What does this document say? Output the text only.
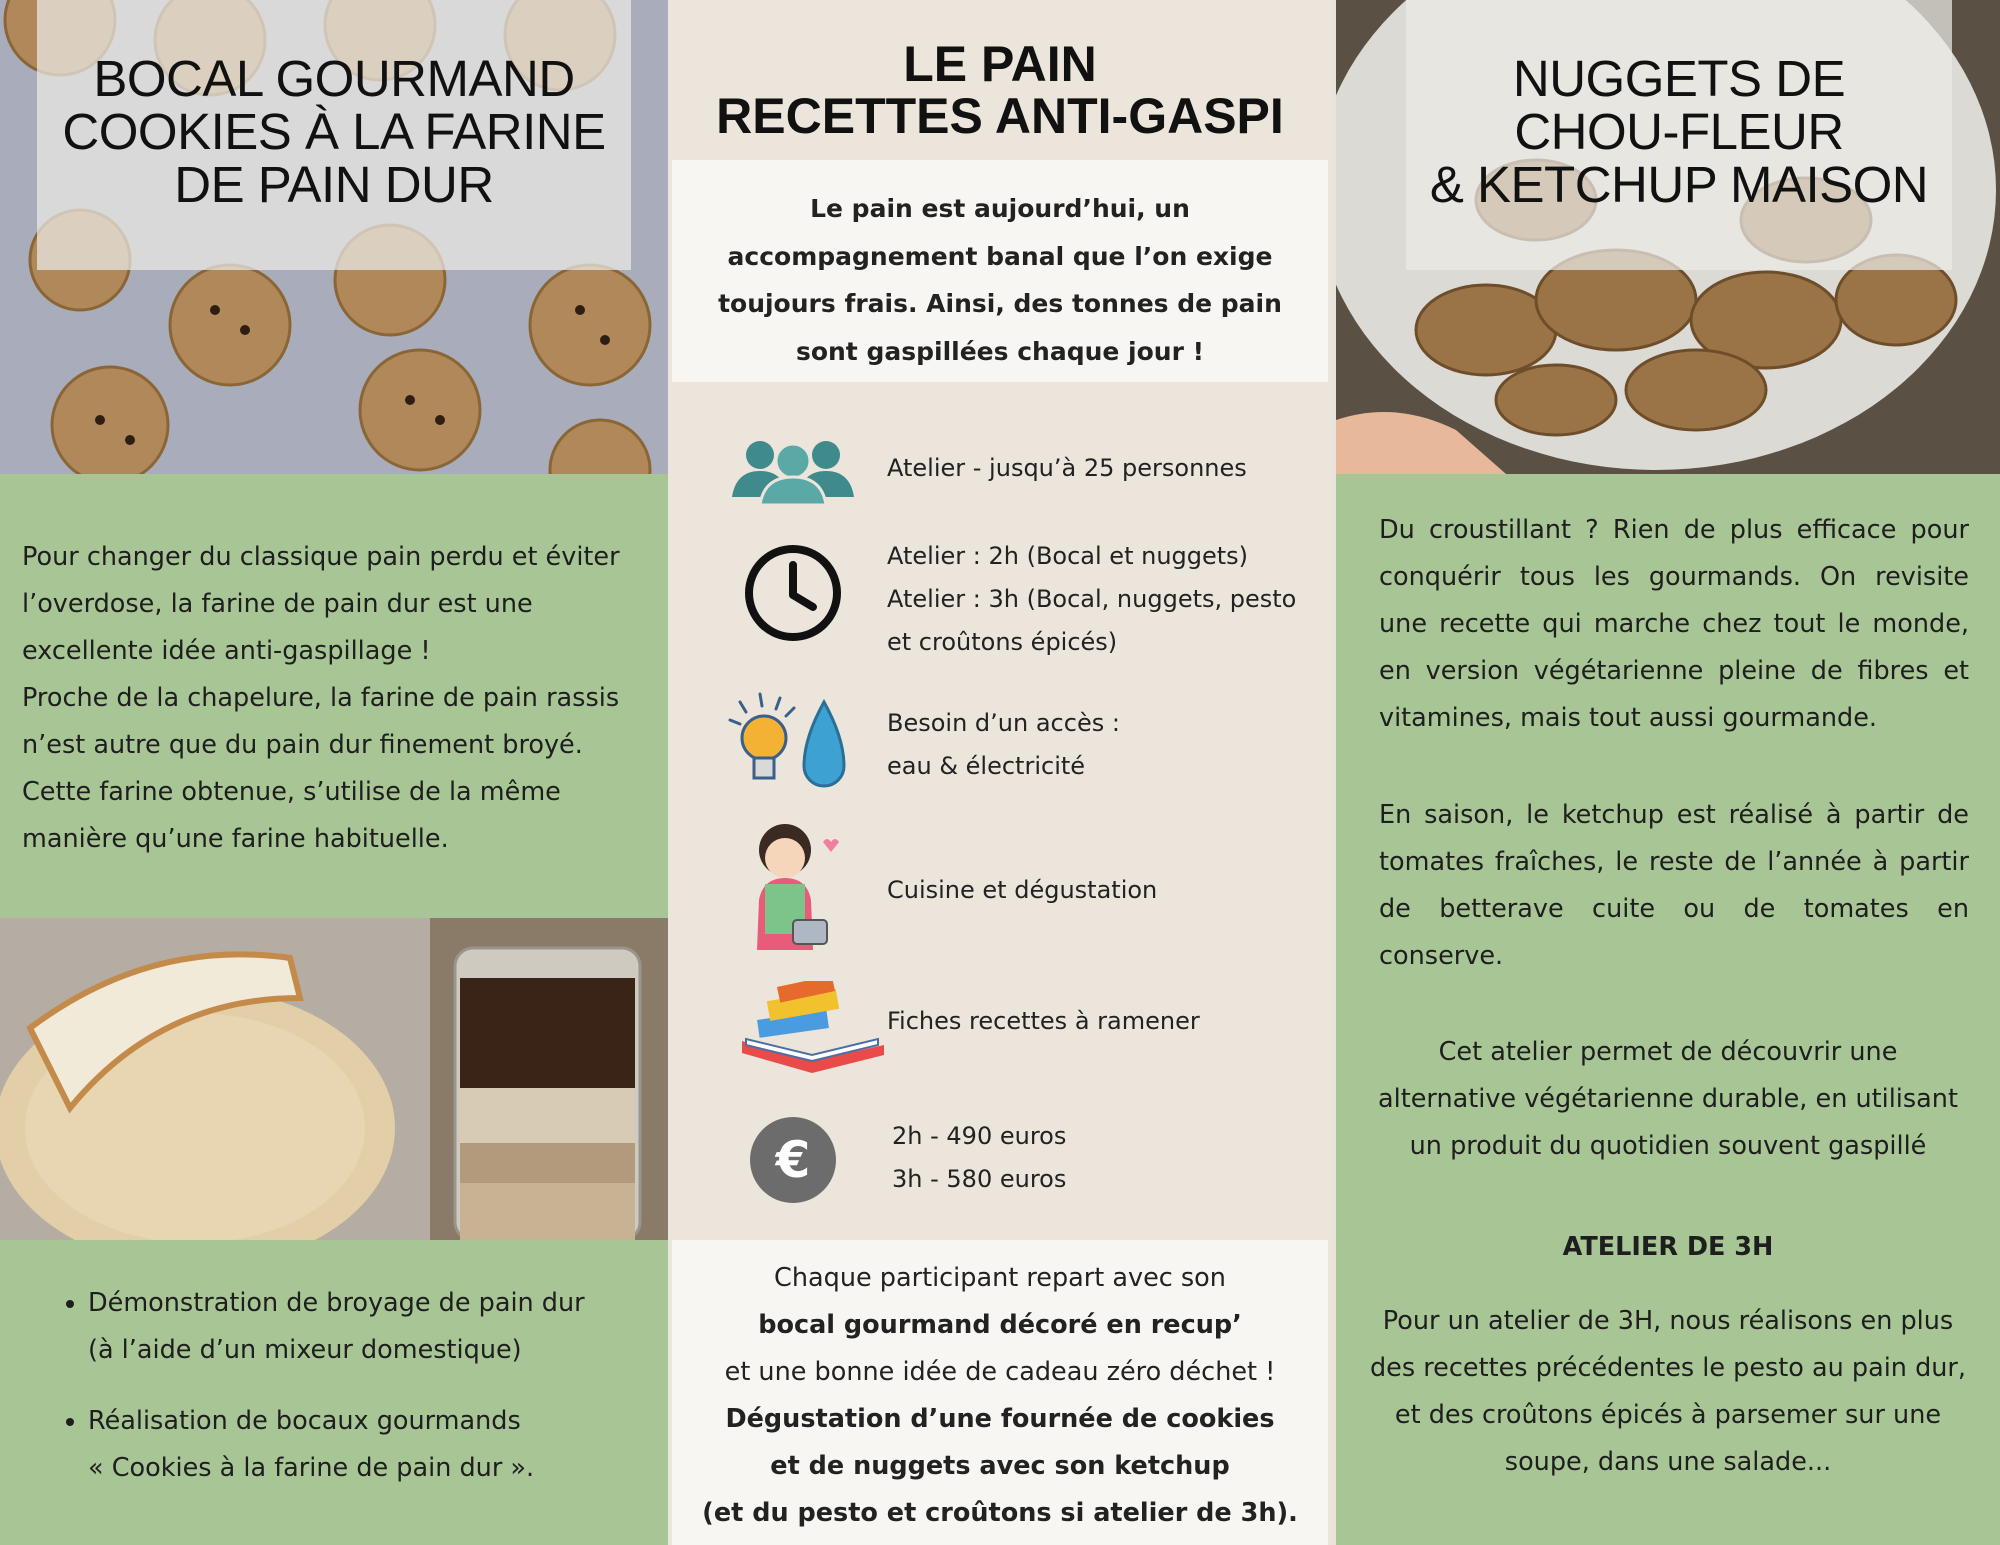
BOCAL GOURMAND
COOKIES À LA FARINE
DE PAIN DUR
Pour changer du classique pain perdu et éviter
l’overdose, la farine de pain dur est une
excellente idée anti-gaspillage !
Proche de la chapelure, la farine de pain rassis
n’est autre que du pain dur finement broyé.
Cette farine obtenue, s’utilise de la même
manière qu’une farine habituelle.
• Démonstration de broyage de pain dur
(à l’aide d’un mixeur domestique)
• Réalisation de bocaux gourmands
« Cookies à la farine de pain dur ».
LE PAIN
RECETTES ANTI-GASPI
Le pain est aujourd’hui, un
accompagnement banal que l’on exige
toujours frais. Ainsi, des tonnes de pain
sont gaspillées chaque jour !
Atelier - jusqu’à 25 personnes
Atelier : 2h (Bocal et nuggets)
Atelier : 3h (Bocal, nuggets, pesto
et croûtons épicés)
Besoin d’un accès :
eau & électricité
Cuisine et dégustation
Fiches recettes à ramener
€	2h - 490 euros
3h - 580 euros
Chaque participant repart avec son
bocal gourmand décoré en recup’
et une bonne idée de cadeau zéro déchet !
Dégustation d’une fournée de cookies
et de nuggets avec son ketchup
(et du pesto et croûtons si atelier de 3h).
NUGGETS DE
CHOU-FLEUR
& KETCHUP MAISON
Du croustillant ? Rien de plus efficace pour
conquérir tous les gourmands. On revisite
une recette qui marche chez tout le monde,
en version végétarienne pleine de fibres et
vitamines, mais tout aussi gourmande.
En saison, le ketchup est réalisé à partir de
tomates fraîches, le reste de l’année à partir
de betterave cuite ou de tomates en
conserve.
Cet atelier permet de découvrir une
alternative végétarienne durable, en utilisant
un produit du quotidien souvent gaspillé
ATELIER DE 3H
Pour un atelier de 3H, nous réalisons en plus
des recettes précédentes le pesto au pain dur,
et des croûtons épicés à parsemer sur une
soupe, dans une salade...
